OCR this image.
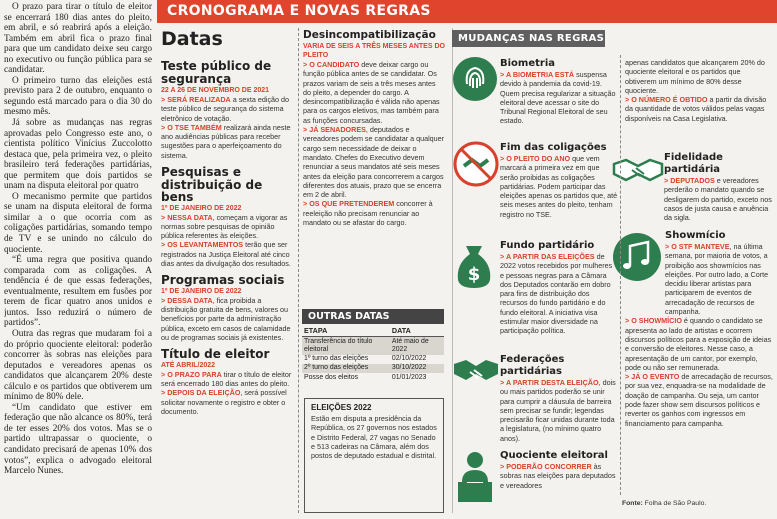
O prazo para tirar o título de eleitor se encerrará 180 dias antes do pleito, em abril, e só reabrirá após a eleição. Também em abril fica o prazo final para que um candidato deixe seu cargo no executivo ou função pública para se candidatar.

O primeiro turno das eleições está previsto para 2 de outubro, enquanto o segundo está marcado para o dia 30 do mesmo mês.

Já sobre as mudanças nas regras aprovadas pelo Congresso este ano, o cientista político Vinícius Zuccolotto destaca que, pela primeira vez, o pleito brasileiro terá federações partidárias, que permitem que dois partidos se unam na disputa eleitoral por quatro

O mecanismo permite que partidos se unam na disputa eleitoral de forma similar a o que ocorria com as coligações partidárias, somando tempo de TV e se unindo no cálculo do quociente.

“É uma regra que positiva quando comparada com as coligações. A tendência é de que essas federações, eventualmente, resultem em fusões por terem de ficar quatro anos unidos e juntos. Isso reduzirá o número de partidos”.

Outra das regras que mudaram foi a do próprio quociente eleitoral: poderão concorrer às sobras nas eleições para deputados e vereadores apenas os candidatos que alcançarem 20% deste cálculo e os partidos que obtiverem um mínimo de 80% dele.

“Um candidato que estiver em federação que não alcance os 80%, terá de ter esses 20% dos votos. Mas se o partido ultrapassar o quociente, o candidato precisará de apenas 10% dos votos”, explica o advogado eleitoral Marcelo Nunes.

CRONOGRAMA E NOVAS REGRAS
Datas
Teste público de segurança
22 A 26 DE NOVEMBRO DE 2021
> SERÁ REALIZADA a sexta edição do teste público de segurança do sistema eletrônico de votação.
> O TSE TAMBÉM realizará ainda neste ano audiências públicas para receber sugestões para o aperfeiçoamento do sistema.
Pesquisas e distribuição de bens
1º DE JANEIRO DE 2022
> NESSA DATA, começam a vigorar as normas sobre pesquisas de opinião pública referentes às eleições.
> OS LEVANTAMENTOS terão que ser registrados na Justiça Eleitoral até cinco dias antes da divulgação dos resultados.
Programas sociais
1º DE JANEIRO DE 2022
> DESSA DATA, fica proibida a distribuição gratuita de bens, valores ou benefícios por parte da administração pública, exceto em casos de calamidade ou de programas sociais já existentes.
Título de eleitor
ATÉ ABRIL/2022
> O PRAZO PARA tirar o título de eleitor será encerrado 180 dias antes do pleito.
> DEPOIS DA ELEIÇÃO, será possível solicitar novamente o registro e obter o documento.
Desincompatibilização
VARIA DE SEIS A TRÊS MESES ANTES DO PLEITO
> O CANDIDATO deve deixar cargo ou função pública antes de se candidatar. Os prazos variam de seis a três meses antes do pleito, a depender do cargo. A desincompatibilização é válida não apenas para os cargos eletivos, mas também para as funções concursadas.
> JÁ SENADORES, deputados e vereadores podem se candidatar a qualquer cargo sem necessidade de deixar o mandato. Chefes do Executivo devem renunciar a seus mandatos até seis meses antes da eleição para concorrerem a cargos diferentes dos atuais, prazo que se encerra em 2 de abril.
> OS QUE PRETENDEREM concorrer à reeleição não precisam renunciar ao mandato ou se afastar do cargo.
OUTRAS DATAS
ETAPA	DATA
Transferência do título eleitoral	Até maio de 2022
1º turno das eleições	02/10/2022
2º turno das eleições	30/10/2022
Posse dos eleitos	01/01/2023
ELEIÇÕES 2022
Estão em disputa a presidência da República, os 27 governos nos estados e Distrito Federal, 27 vagas no Senado e 513 cadeiras na Câmara, além dos postos de deputado estadual e distrital.
MUDANÇAS NAS REGRAS
$
Biometria
> A BIOMETRIA ESTÁ suspensa devido à pandemia da covid-19. Quem precisa regularizar a situação eleitoral deve acessar o site do Tribunal Regional Eleitoral de seu estado.
Fim das coligações
> O PLEITO DO ANO que vem marcará a primeira vez em que serão proibidas as coligações partidárias. Podem participar das eleições apenas os partidos que, até seis meses antes do pleito, tenham registro no TSE.
Fundo partidário
> A PARTIR DAS ELEIÇÕES de 2022 votos recebidos por mulheres e pessoas negras para a Câmara dos Deputados contarão em dobro para fins de distribuição dos recursos do fundo partidário e do fundo eleitoral. A iniciativa visa estimular maior diversidade na participação política.
Federações partidárias
> A PARTIR DESTA ELEIÇÃO, dois ou mais partidos poderão se unir para cumprir a cláusula de barreira sem precisar se fundir; legendas precisarão ficar unidas durante toda a legislatura, (no mínimo quatro anos).
Quociente eleitoral
> PODERÃO CONCORRER às sobras nas eleições para deputados e vereadores
apenas candidatos que alcançarem 20% do quociente eleitoral e os partidos que obtiverem um mínimo de 80% desse quociente.
> O NÚMERO É OBTIDO a partir da divisão da quantidade de votos válidos pelas vagas disponíveis na Casa Legislativa.
Fidelidade partidária
> DEPUTADOS e vereadores perderão o mandato quando se desligarem do partido, exceto nos casos de justa causa e anuência da sigla.
Showmício
> O STF MANTEVE, na última semana, por maioria de votos, a proibição aos showmícios nas eleições. Por outro lado, a Corte decidiu liberar artistas para participarem de eventos de arrecadação de recursos de campanha.
> O SHOWMÍCIO é quando o candidato se apresenta ao lado de artistas e ocorrem discursos políticos para a exposição de ideias e conversão de eleitores. Nesse caso, a apresentação de um cantor, por exemplo, pode ou não ser remunerada.
> JÁ O EVENTO de arrecadação de recursos, por sua vez, enquadra-se na modalidade de doação de campanha. Ou seja, um cantor pode fazer show sem discursos políticos e reverter os ganhos com ingressos em financiamento para campanha.
Fonte: Folha de São Paulo.
